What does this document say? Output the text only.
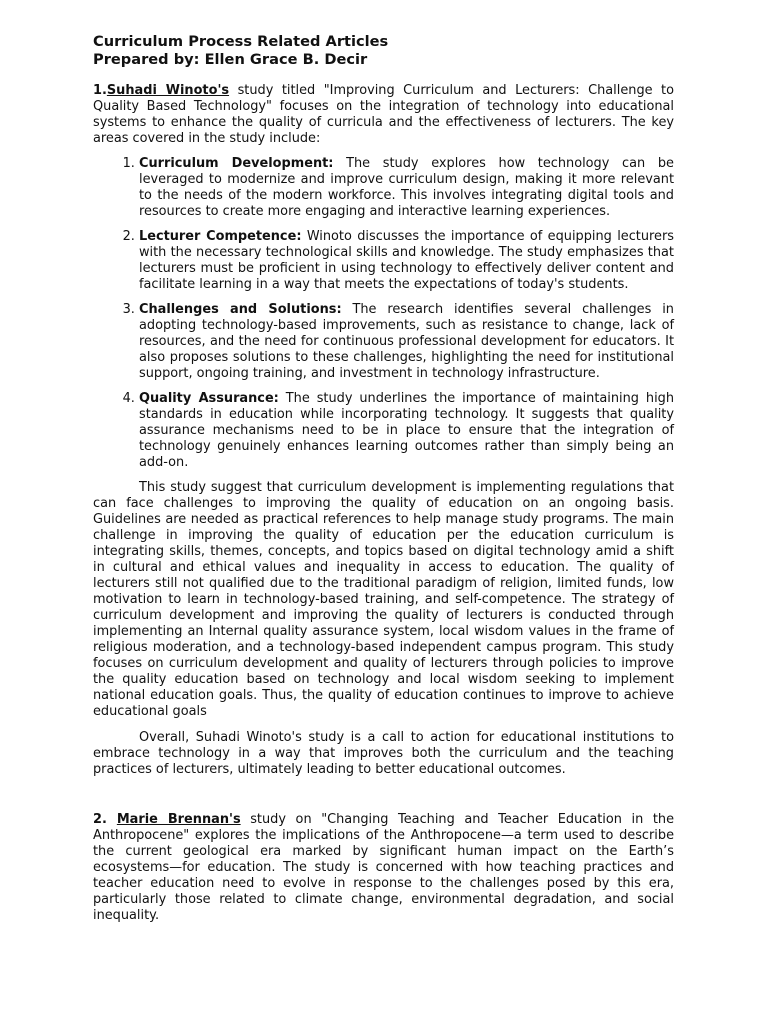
Curriculum Process Related Articles

Prepared by: Ellen Grace B. Decir

1.Suhadi Winoto's study titled "Improving Curriculum and Lecturers: Challenge to Quality Based Technology" focuses on the integration of technology into educational systems to enhance the quality of curricula and the effectiveness of lecturers. The key areas covered in the study include:

1. Curriculum Development: The study explores how technology can be leveraged to modernize and improve curriculum design, making it more relevant to the needs of the modern workforce. This involves integrating digital tools and resources to create more engaging and interactive learning experiences.
2. Lecturer Competence: Winoto discusses the importance of equipping lecturers with the necessary technological skills and knowledge. The study emphasizes that lecturers must be proficient in using technology to effectively deliver content and facilitate learning in a way that meets the expectations of today's students.
3. Challenges and Solutions: The research identifies several challenges in adopting technology-based improvements, such as resistance to change, lack of resources, and the need for continuous professional development for educators. It also proposes solutions to these challenges, highlighting the need for institutional support, ongoing training, and investment in technology infrastructure.
4. Quality Assurance: The study underlines the importance of maintaining high standards in education while incorporating technology. It suggests that quality assurance mechanisms need to be in place to ensure that the integration of technology genuinely enhances learning outcomes rather than simply being an add-on.

This study suggest that curriculum development is implementing regulations that can face challenges to improving the quality of education on an ongoing basis. Guidelines are needed as practical references to help manage study programs. The main challenge in improving the quality of education per the education curriculum is integrating skills, themes, concepts, and topics based on digital technology amid a shift in cultural and ethical values and inequality in access to education. The quality of lecturers still not qualified due to the traditional paradigm of religion, limited funds, low motivation to learn in technology-based training, and self-competence. The strategy of curriculum development and improving the quality of lecturers is conducted through implementing an Internal quality assurance system, local wisdom values in the frame of religious moderation, and a technology-based independent campus program. This study focuses on curriculum development and quality of lecturers through policies to improve the quality education based on technology and local wisdom seeking to implement national education goals. Thus, the quality of education continues to improve to achieve educational goals

Overall, Suhadi Winoto's study is a call to action for educational institutions to embrace technology in a way that improves both the curriculum and the teaching practices of lecturers, ultimately leading to better educational outcomes.

2. Marie Brennan's study on "Changing Teaching and Teacher Education in the Anthropocene" explores the implications of the Anthropocene—a term used to describe the current geological era marked by significant human impact on the Earth’s ecosystems—for education. The study is concerned with how teaching practices and teacher education need to evolve in response to the challenges posed by this era, particularly those related to climate change, environmental degradation, and social inequality.
